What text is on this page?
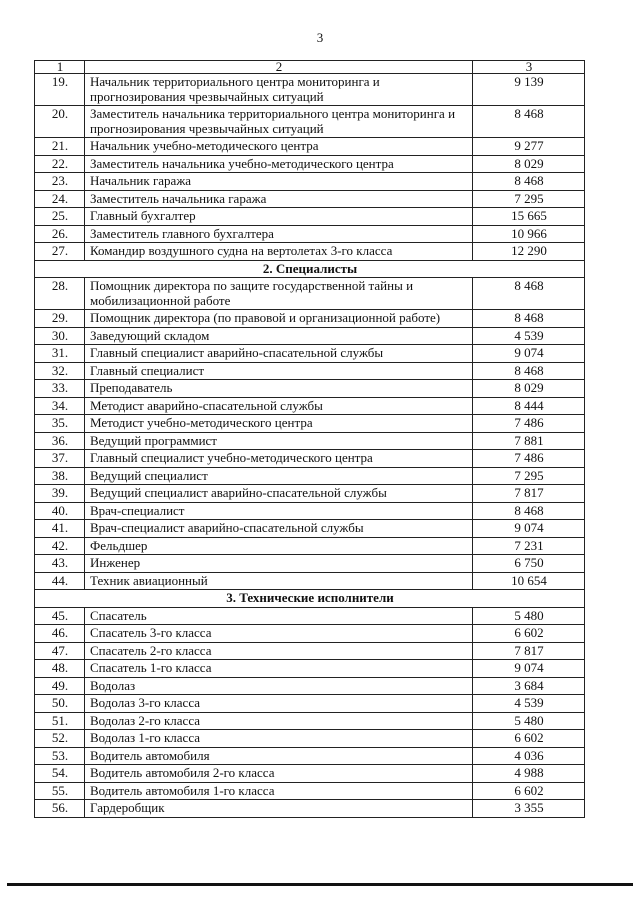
3
1	2	3
19.	Начальник территориального центра мониторинга и прогнозирования чрезвычайных ситуаций	9 139
20.	Заместитель начальника территориального центра мониторинга и прогнозирования чрезвычайных ситуаций	8 468
21.	Начальник учебно-методического центра	9 277
22.	Заместитель начальника учебно-методического центра	8 029
23.	Начальник гаража	8 468
24.	Заместитель начальника гаража	7 295
25.	Главный бухгалтер	15 665
26.	Заместитель главного бухгалтера	10 966
27.	Командир воздушного судна на вертолетах 3-го класса	12 290
2. Специалисты		
28.	Помощник директора по защите государственной тайны и мобилизационной работе	8 468
29.	Помощник директора (по правовой и организационной работе)	8 468
30.	Заведующий складом	4 539
31.	Главный специалист аварийно-спасательной службы	9 074
32.	Главный специалист	8 468
33.	Преподаватель	8 029
34.	Методист аварийно-спасательной службы	8 444
35.	Методист учебно-методического центра	7 486
36.	Ведущий программист	7 881
37.	Главный специалист учебно-методического центра	7 486
38.	Ведущий специалист	7 295
39.	Ведущий специалист аварийно-спасательной службы	7 817
40.	Врач-специалист	8 468
41.	Врач-специалист аварийно-спасательной службы	9 074
42.	Фельдшер	7 231
43.	Инженер	6 750
44.	Техник авиационный	10 654
3. Технические исполнители		
45.	Спасатель	5 480
46.	Спасатель 3-го класса	6 602
47.	Спасатель 2-го класса	7 817
48.	Спасатель 1-го класса	9 074
49.	Водолаз	3 684
50.	Водолаз 3-го класса	4 539
51.	Водолаз 2-го класса	5 480
52.	Водолаз 1-го класса	6 602
53.	Водитель автомобиля	4 036
54.	Водитель автомобиля 2-го класса	4 988
55.	Водитель автомобиля 1-го класса	6 602
56.	Гардеробщик	3 355
